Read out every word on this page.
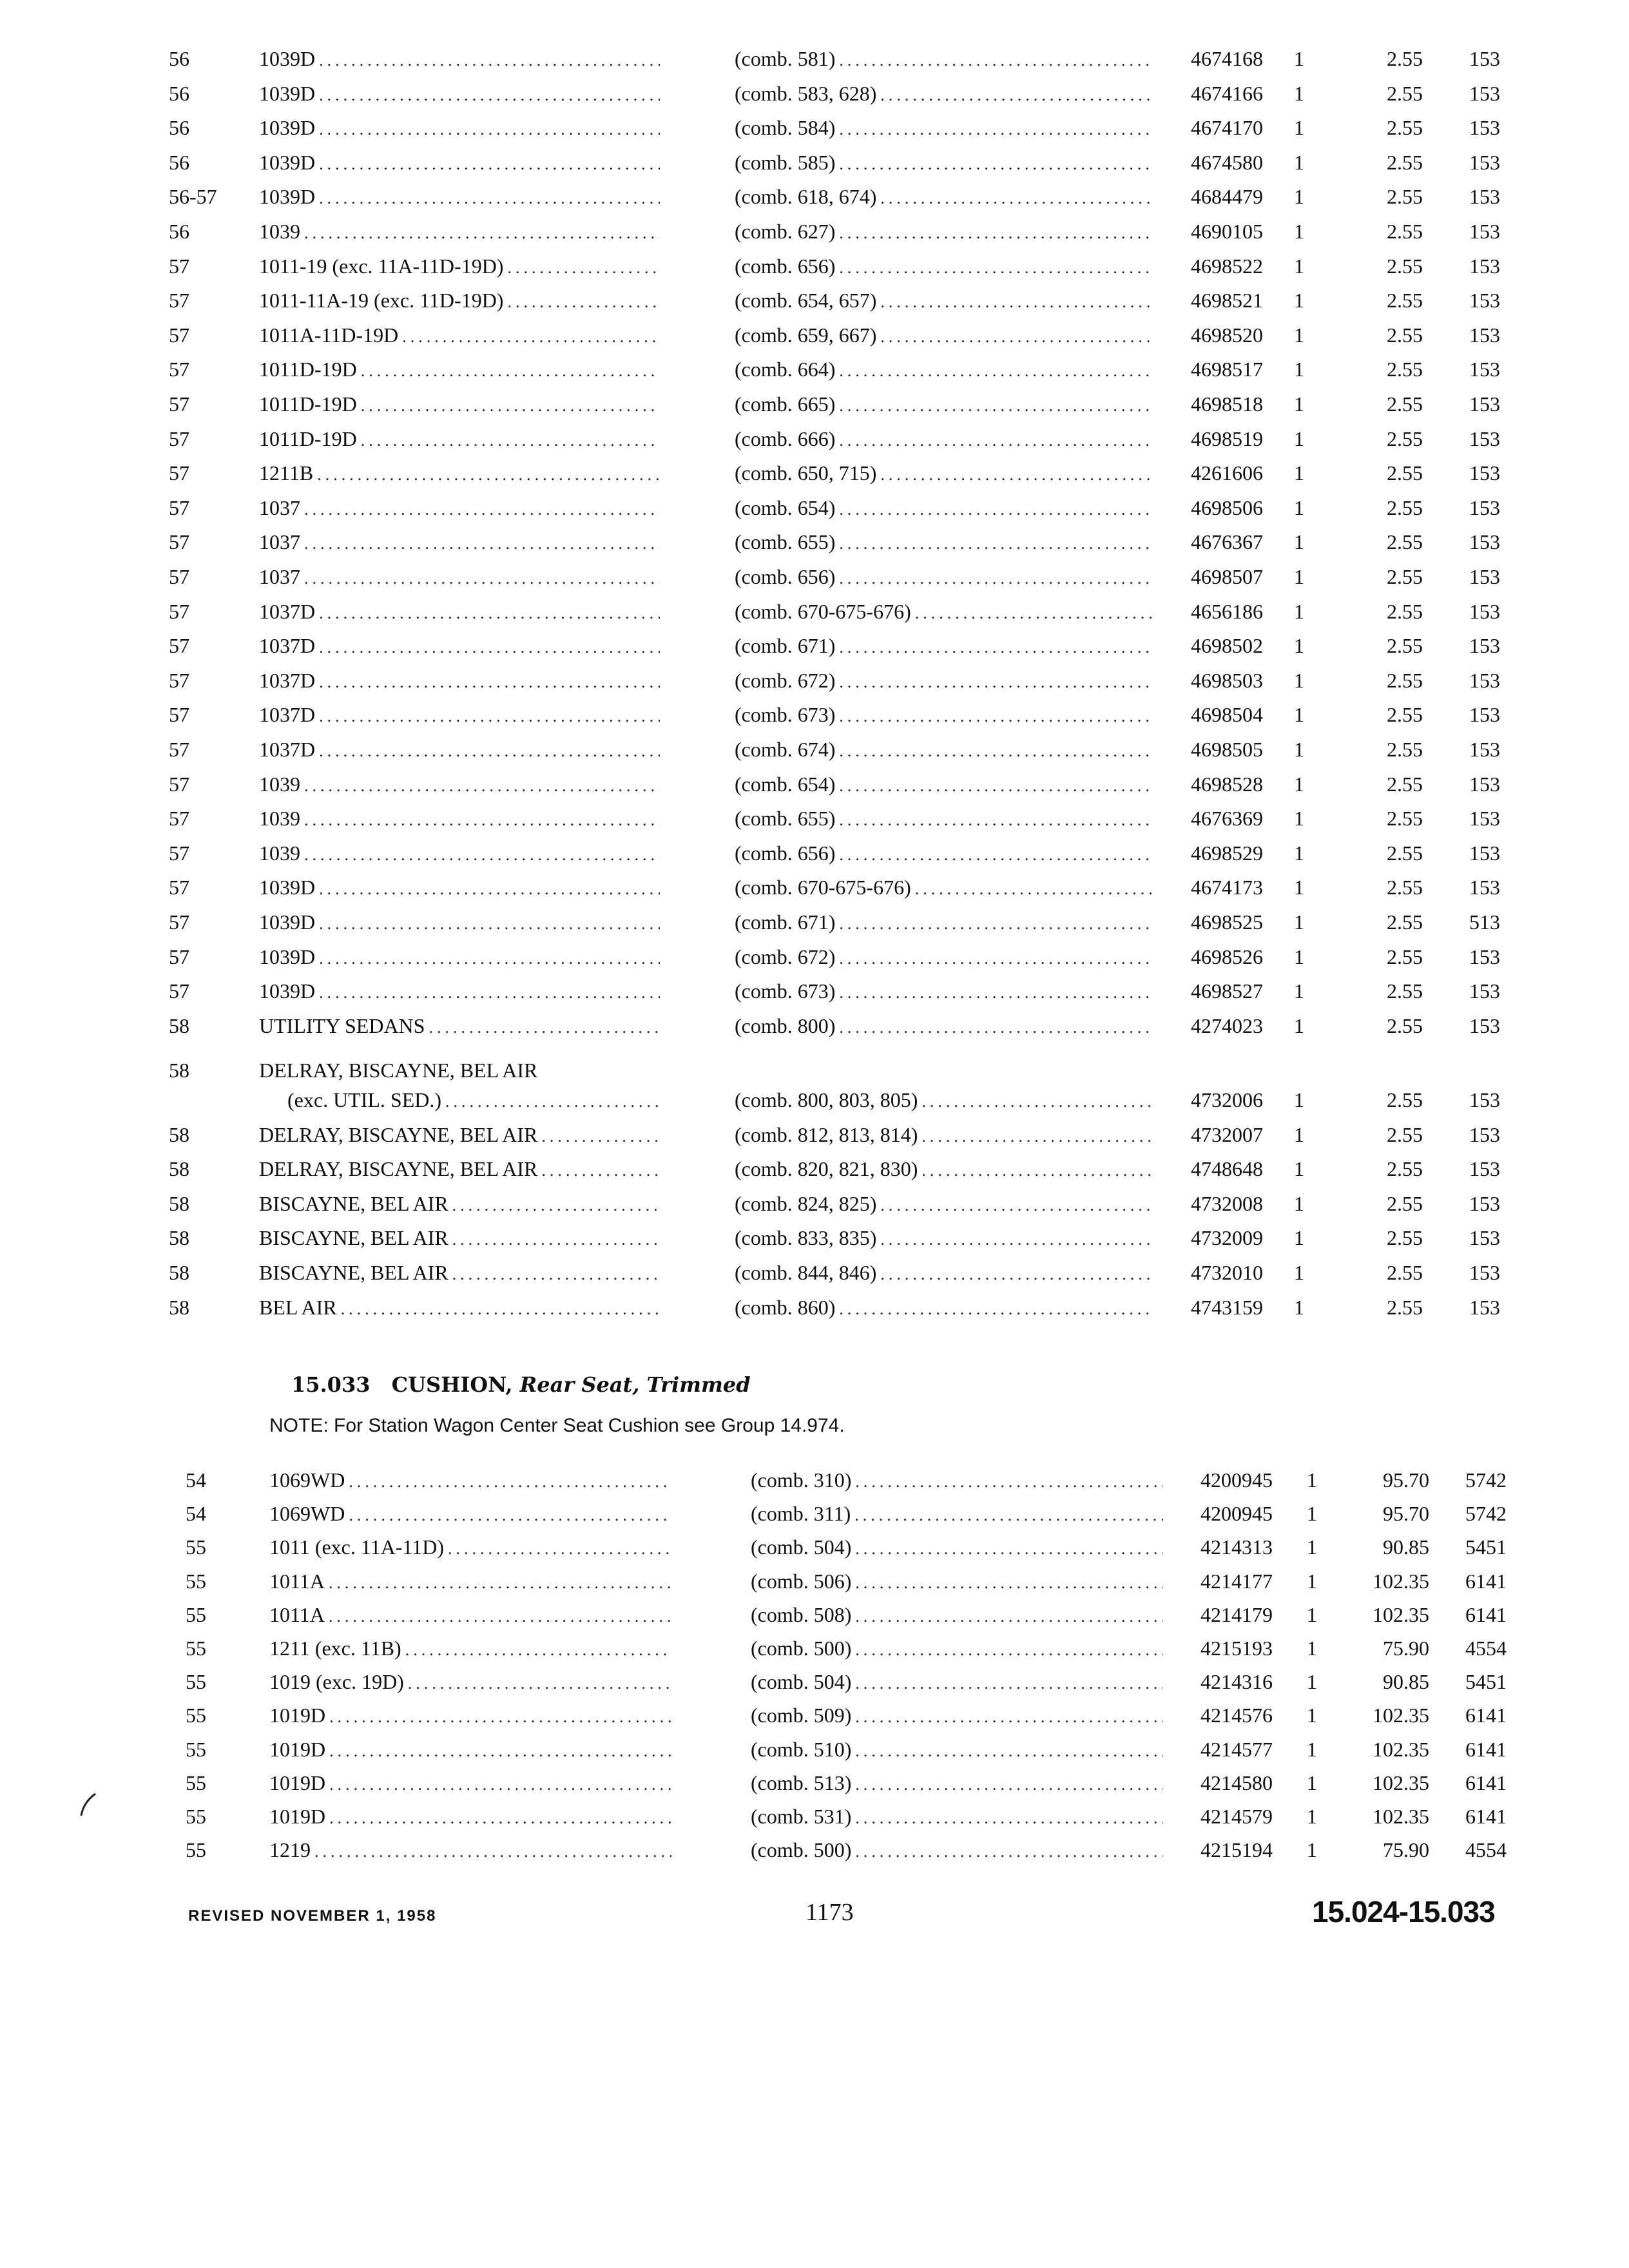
56	1039D .....	(comb. 581) .....	4674168	1	2.55	153
56	1039D .....	(comb. 583, 628) .....	4674166	1	2.55	153
56	1039D .....	(comb. 584) .....	4674170	1	2.55	153
56	1039D .....	(comb. 585) .....	4674580	1	2.55	153
56-57	1039D .....	(comb. 618, 674) .....	4684479	1	2.55	153
56	1039 .....	(comb. 627) .....	4690105	1	2.55	153
57	1011-19 (exc. 11A-11D-19D) .....	(comb. 656) .....	4698522	1	2.55	153
57	1011-11A-19 (exc. 11D-19D) .....	(comb. 654, 657) .....	4698521	1	2.55	153
57	1011A-11D-19D .....	(comb. 659, 667) .....	4698520	1	2.55	153
57	1011D-19D .....	(comb. 664) .....	4698517	1	2.55	153
57	1011D-19D .....	(comb. 665) .....	4698518	1	2.55	153
57	1011D-19D .....	(comb. 666) .....	4698519	1	2.55	153
57	1211B .....	(comb. 650, 715) .....	4261606	1	2.55	153
57	1037 .....	(comb. 654) .....	4698506	1	2.55	153
57	1037 .....	(comb. 655) .....	4676367	1	2.55	153
57	1037 .....	(comb. 656) .....	4698507	1	2.55	153
57	1037D .....	(comb. 670-675-676) .....	4656186	1	2.55	153
57	1037D .....	(comb. 671) .....	4698502	1	2.55	153
57	1037D .....	(comb. 672) .....	4698503	1	2.55	153
57	1037D .....	(comb. 673) .....	4698504	1	2.55	153
57	1037D .....	(comb. 674) .....	4698505	1	2.55	153
57	1039 .....	(comb. 654) .....	4698528	1	2.55	153
57	1039 .....	(comb. 655) .....	4676369	1	2.55	153
57	1039 .....	(comb. 656) .....	4698529	1	2.55	153
57	1039D .....	(comb. 670-675-676) .....	4674173	1	2.55	153
57	1039D .....	(comb. 671) .....	4698525	1	2.55	513
57	1039D .....	(comb. 672) .....	4698526	1	2.55	153
57	1039D .....	(comb. 673) .....	4698527	1	2.55	153
58	UTILITY SEDANS .....	(comb. 800) .....	4274023	1	2.55	153
58	DELRAY, BISCAYNE, BEL AIR
(exc. UTIL. SED.) .....	(comb. 800, 803, 805) .....	4732006	1	2.55	153
58	DELRAY, BISCAYNE, BEL AIR .....	(comb. 812, 813, 814) .....	4732007	1	2.55	153
58	DELRAY, BISCAYNE, BEL AIR .....	(comb. 820, 821, 830) .....	4748648	1	2.55	153
58	BISCAYNE, BEL AIR .....	(comb. 824, 825) .....	4732008	1	2.55	153
58	BISCAYNE, BEL AIR .....	(comb. 833, 835) .....	4732009	1	2.55	153
58	BISCAYNE, BEL AIR .....	(comb. 844, 846) .....	4732010	1	2.55	153
58	BEL AIR .....	(comb. 860) .....	4743159	1	2.55	153
15.033 CUSHION, Rear Seat, Trimmed
NOTE: For Station Wagon Center Seat Cushion see Group 14.974.
54	1069WD .....	(comb. 310) .....	4200945	1	95.70	5742
54	1069WD .....	(comb. 311) .....	4200945	1	95.70	5742
55	1011 (exc. 11A-11D) .....	(comb. 504) .....	4214313	1	90.85	5451
55	1011A .....	(comb. 506) .....	4214177	1	102.35	6141
55	1011A .....	(comb. 508) .....	4214179	1	102.35	6141
55	1211 (exc. 11B) .....	(comb. 500) .....	4215193	1	75.90	4554
55	1019 (exc. 19D) .....	(comb. 504) .....	4214316	1	90.85	5451
55	1019D .....	(comb. 509) .....	4214576	1	102.35	6141
55	1019D .....	(comb. 510) .....	4214577	1	102.35	6141
55	1019D .....	(comb. 513) .....	4214580	1	102.35	6141
55	1019D .....	(comb. 531) .....	4214579	1	102.35	6141
55	1219 .....	(comb. 500) .....	4215194	1	75.90	4554
REVISED NOVEMBER 1, 1958	1173	15.024-15.033
